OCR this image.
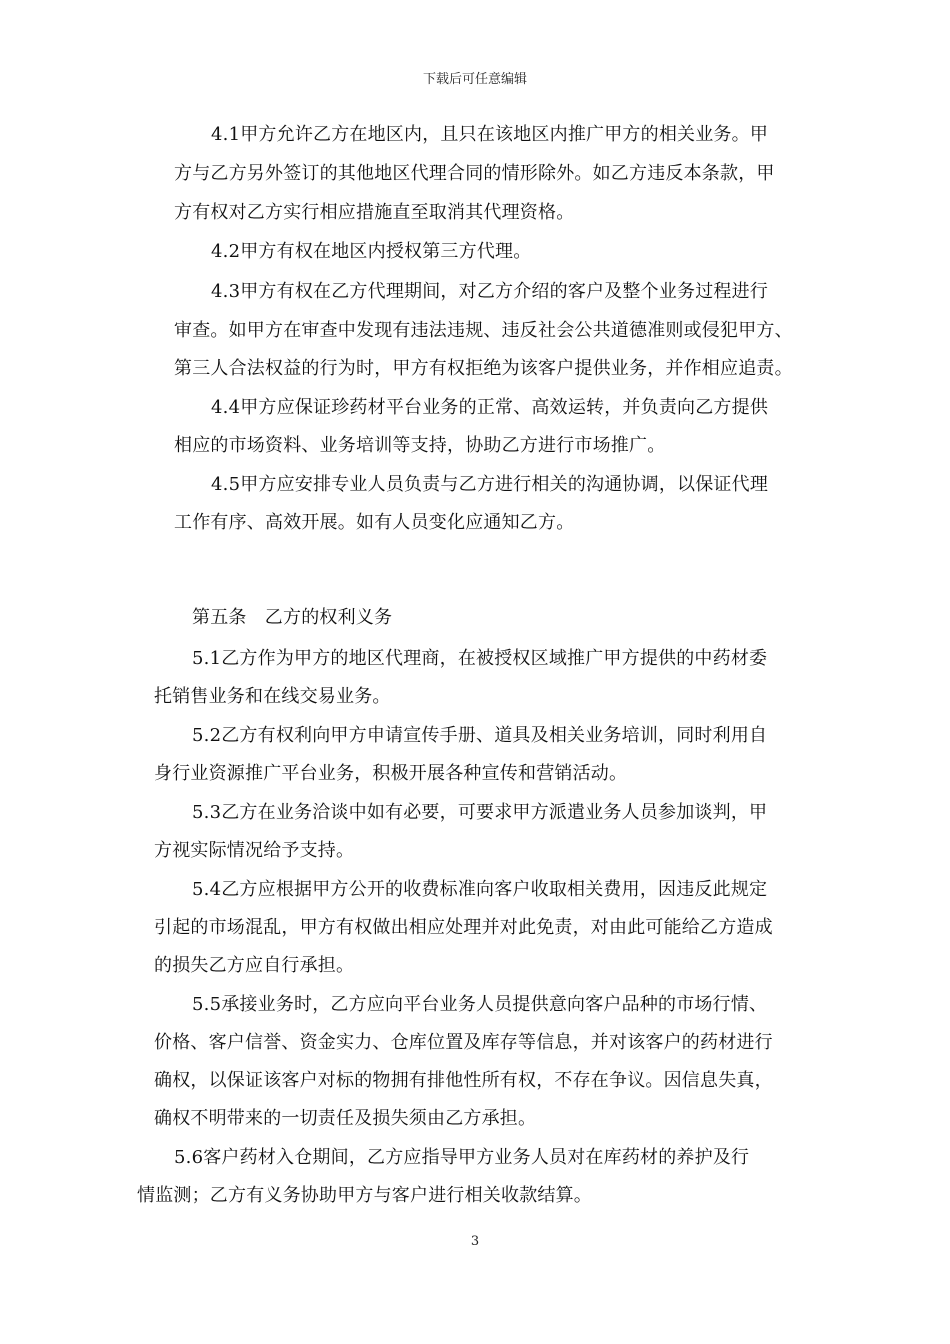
下载后可任意编辑
4.1甲方允许乙方在地区内，且只在该地区内推广甲方的相关业务。甲
方与乙方另外签订的其他地区代理合同的情形除外。如乙方违反本条款，甲
方有权对乙方实行相应措施直至取消其代理资格。
4.2甲方有权在地区内授权第三方代理。
4.3甲方有权在乙方代理期间，对乙方介绍的客户及整个业务过程进行
审查。如甲方在审查中发现有违法违规、违反社会公共道德准则或侵犯甲方、
第三人合法权益的行为时，甲方有权拒绝为该客户提供业务，并作相应追责。
4.4甲方应保证珍药材平台业务的正常、高效运转，并负责向乙方提供
相应的市场资料、业务培训等支持，协助乙方进行市场推广。
4.5甲方应安排专业人员负责与乙方进行相关的沟通协调，以保证代理
工作有序、高效开展。如有人员变化应通知乙方。
第五条　乙方的权利义务
5.1乙方作为甲方的地区代理商，在被授权区域推广甲方提供的中药材委
托销售业务和在线交易业务。
5.2乙方有权利向甲方申请宣传手册、道具及相关业务培训，同时利用自
身行业资源推广平台业务，积极开展各种宣传和营销活动。
5.3乙方在业务洽谈中如有必要，可要求甲方派遣业务人员参加谈判，甲
方视实际情况给予支持。
5.4乙方应根据甲方公开的收费标准向客户收取相关费用，因违反此规定
引起的市场混乱，甲方有权做出相应处理并对此免责，对由此可能给乙方造成
的损失乙方应自行承担。
5.5承接业务时，乙方应向平台业务人员提供意向客户品种的市场行情、
价格、客户信誉、资金实力、仓库位置及库存等信息，并对该客户的药材进行
确权，以保证该客户对标的物拥有排他性所有权，不存在争议。因信息失真，
确权不明带来的一切责任及损失须由乙方承担。
5.6客户药材入仓期间，乙方应指导甲方业务人员对在库药材的养护及行
情监测；乙方有义务协助甲方与客户进行相关收款结算。
3
